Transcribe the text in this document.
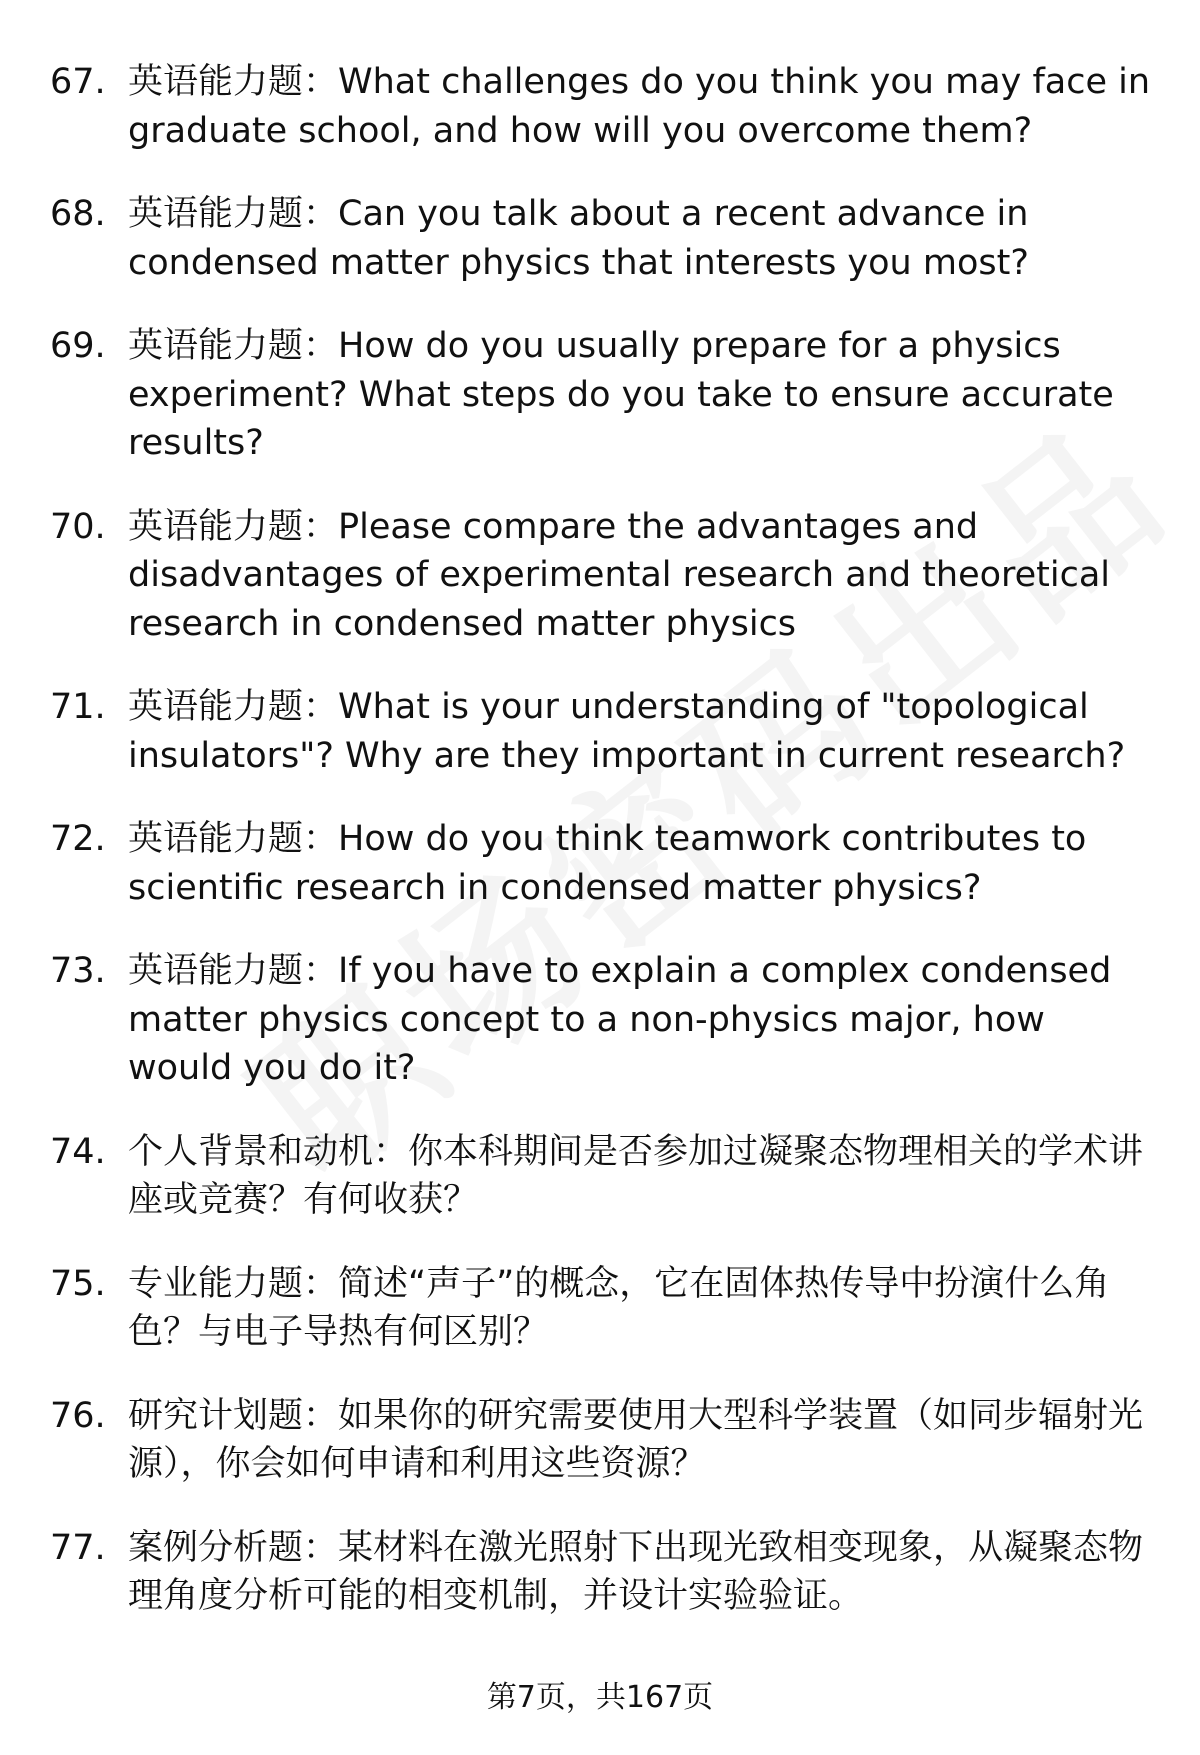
67. 英语能力题：What challenges do you think you may face in graduate school, and how will you overcome them?
68. 英语能力题：Can you talk about a recent advance in condensed matter physics that interests you most?
69. 英语能力题：How do you usually prepare for a physics experiment? What steps do you take to ensure accurate results?
70. 英语能力题：Please compare the advantages and disadvantages of experimental research and theoretical research in condensed matter physics
71. 英语能力题：What is your understanding of "topological insulators"? Why are they important in current research?
72. 英语能力题：How do you think teamwork contributes to scientific research in condensed matter physics?
73. 英语能力题：If you have to explain a complex condensed matter physics concept to a non-physics major, how would you do it?
74. 个人背景和动机：你本科期间是否参加过凝聚态物理相关的学术讲座或竞赛？有何收获？
75. 专业能力题：简述“声子”的概念，它在固体热传导中扮演什么角色？与电子导热有何区别？
76. 研究计划题：如果你的研究需要使用大型科学装置（如同步辐射光源），你会如何申请和利用这些资源？
77. 案例分析题：某材料在激光照射下出现光致相变现象，从凝聚态物理角度分析可能的相变机制，并设计实验验证。
第7页，共167页
